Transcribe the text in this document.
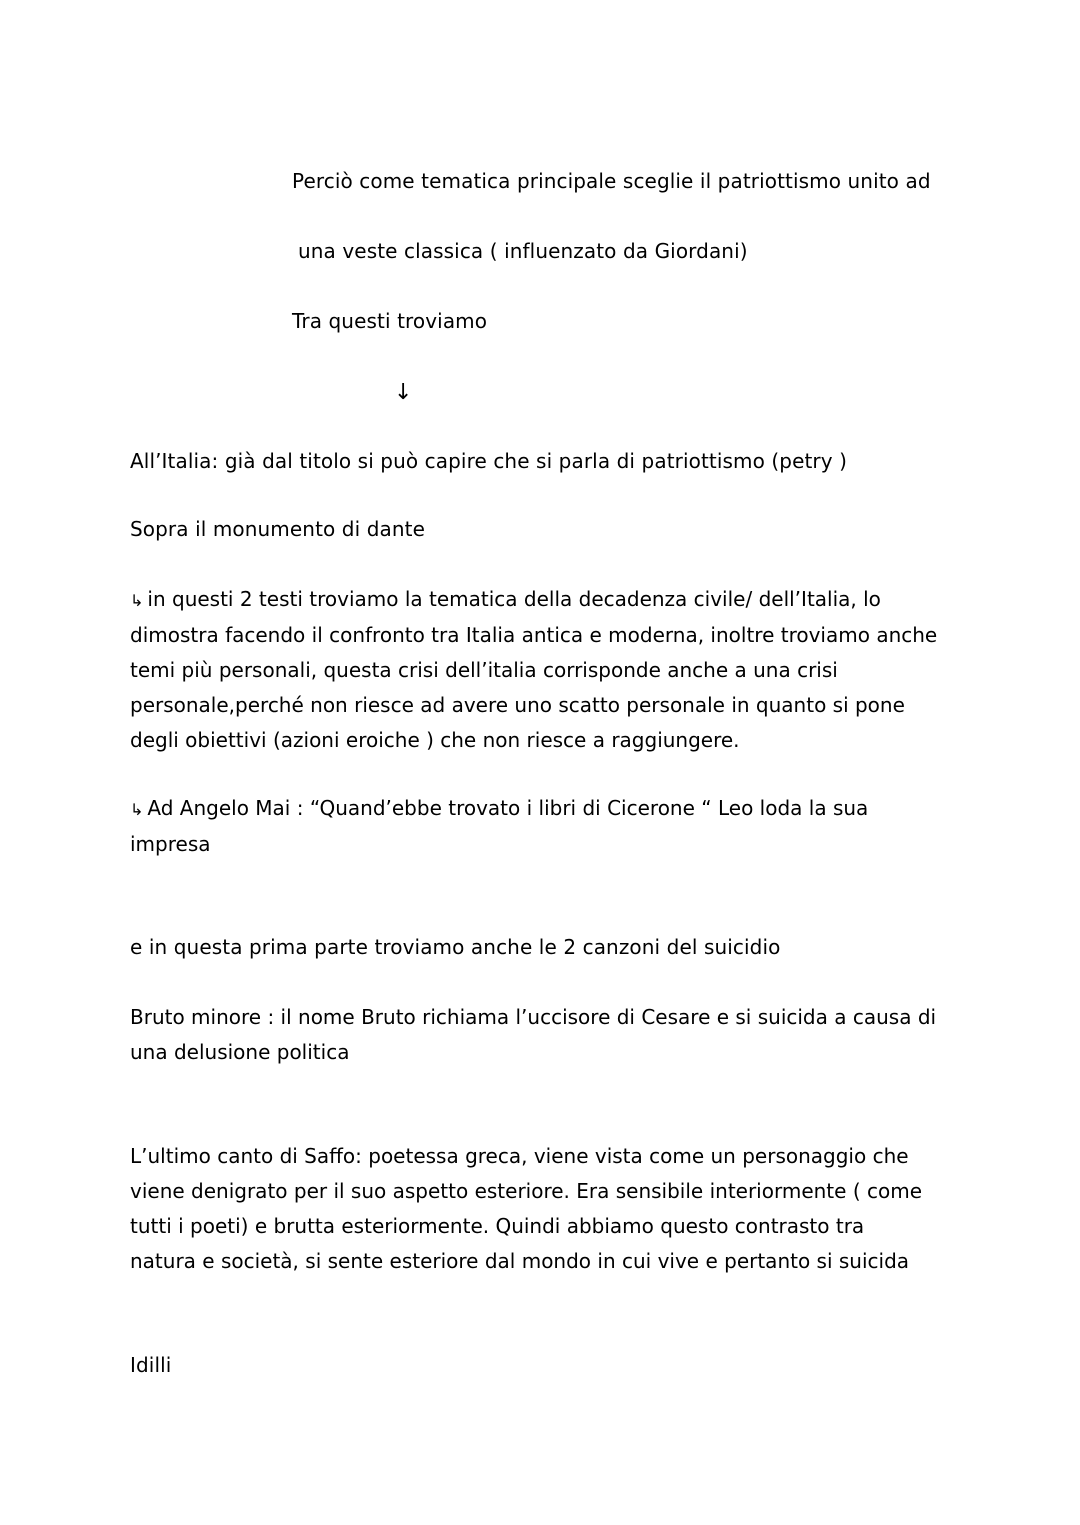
Perciò come tematica principale sceglie il patriottismo unito ad
una veste classica ( influenzato da Giordani)
Tra questi troviamo
↓
All’Italia: già dal titolo si può capire che si parla di patriottismo (petry )
Sopra il monumento di dante
↳ in questi 2 testi troviamo la tematica della decadenza civile/ dell’Italia, lo dimostra facendo il confronto tra Italia antica e moderna, inoltre troviamo anche temi più personali, questa crisi dell’italia corrisponde anche a una crisi personale,perché non riesce ad avere uno scatto personale in quanto si pone degli obiettivi (azioni eroiche ) che non riesce a raggiungere.
↳ Ad Angelo Mai : “Quand’ebbe trovato i libri di Cicerone “ Leo loda la sua impresa
e in questa prima parte troviamo anche le 2 canzoni del suicidio
Bruto minore : il nome Bruto richiama l’uccisore di Cesare e si suicida a causa di una delusione politica
L’ultimo canto di Saffo: poetessa greca, viene vista come un personaggio che viene denigrato per il suo aspetto esteriore. Era sensibile interiormente ( come tutti i poeti) e brutta esteriormente. Quindi abbiamo questo contrasto tra natura e società, si sente esteriore dal mondo in cui vive e pertanto si suicida
Idilli
